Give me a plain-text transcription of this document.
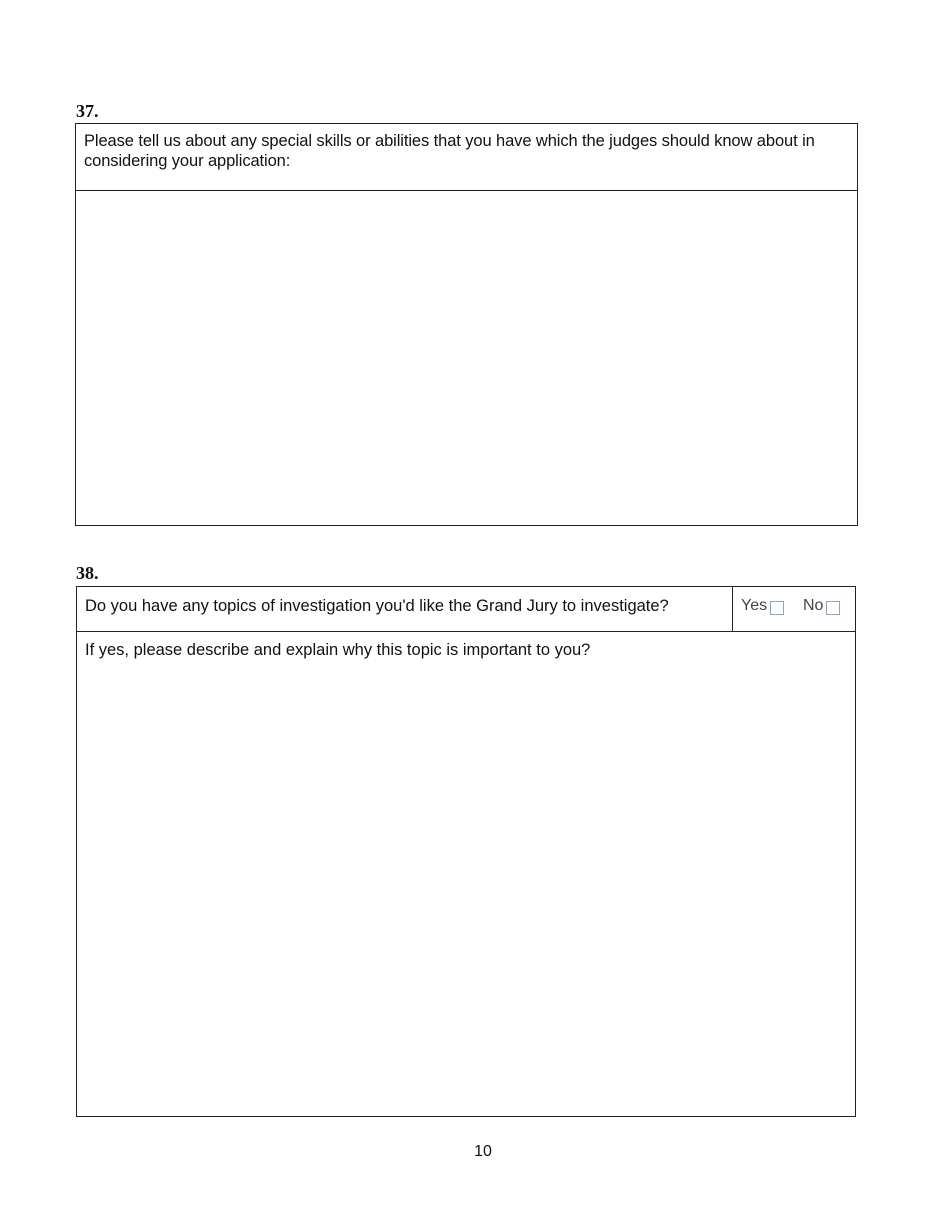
37.
Please tell us about any special skills or abilities that you have which the judges should know about in considering your application:
38.
Do you have any topics of investigation you'd like the Grand Jury to investigate?	Yes No
If yes, please describe and explain why this topic is important to you?
10
